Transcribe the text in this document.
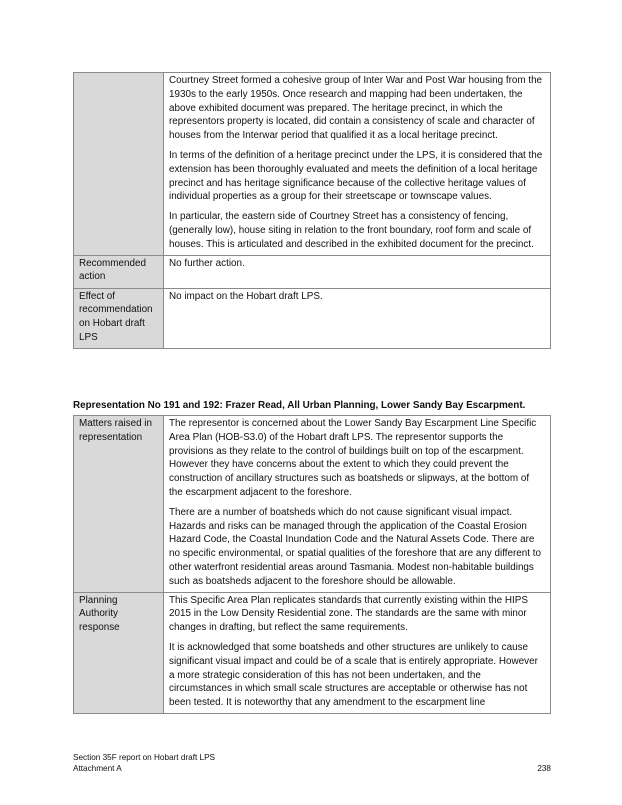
	Courtney Street formed a cohesive group of Inter War and Post War housing from the 1930s to the early 1950s. Once research and mapping had been undertaken, the above exhibited document was prepared. The heritage precinct, in which the representors property is located, did contain a consistency of scale and character of houses from the Interwar period that qualified it as a local heritage precinct.

In terms of the definition of a heritage precinct under the LPS, it is considered that the extension has been thoroughly evaluated and meets the definition of a local heritage precinct and has heritage significance because of the collective heritage values of individual properties as a group for their streetscape or townscape values.

In particular, the eastern side of Courtney Street has a consistency of fencing, (generally low), house siting in relation to the front boundary, roof form and scale of houses. This is articulated and described in the exhibited document for the precinct.

Recommended action	No further action.
Effect of recommendation on Hobart draft LPS	No impact on the Hobart draft LPS.
Representation No 191 and 192: Frazer Read, All Urban Planning, Lower Sandy Bay Escarpment.
Matters raised in representation	The representor is concerned about the Lower Sandy Bay Escarpment Line Specific Area Plan (HOB-S3.0) of the Hobart draft LPS. The representor supports the provisions as they relate to the control of buildings built on top of the escarpment. However they have concerns about the extent to which they could prevent the construction of ancillary structures such as boatsheds or slipways, at the bottom of the escarpment adjacent to the foreshore.

There are a number of boatsheds which do not cause significant visual impact. Hazards and risks can be managed through the application of the Coastal Erosion Hazard Code, the Coastal Inundation Code and the Natural Assets Code. There are no specific environmental, or spatial qualities of the foreshore that are any different to other waterfront residential areas around Tasmania. Modest non-habitable buildings such as boatsheds adjacent to the foreshore should be allowable.

Planning Authority response	This Specific Area Plan replicates standards that currently existing within the HIPS 2015 in the Low Density Residential zone. The standards are the same with minor changes in drafting, but reflect the same requirements.

It is acknowledged that some boatsheds and other structures are unlikely to cause significant visual impact and could be of a scale that is entirely appropriate. However a more strategic consideration of this has not been undertaken, and the circumstances in which small scale structures are acceptable or otherwise has not been tested. It is noteworthy that any amendment to the escarpment line

Section 35F report on Hobart draft LPS
Attachment A	238
